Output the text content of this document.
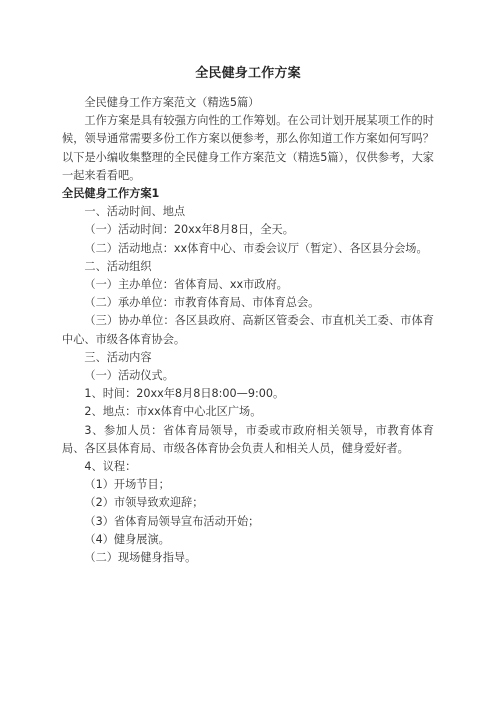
全民健身工作方案

全民健身工作方案范文（精选5篇）

工作方案是具有较强方向性的工作筹划。在公司计划开展某项工作的时候，领导通常需要多份工作方案以便参考，那么你知道工作方案如何写吗？以下是小编收集整理的全民健身工作方案范文（精选5篇），仅供参考，大家一起来看看吧。

全民健身工作方案1

一、活动时间、地点

（一）活动时间：20xx年8月8日，全天。

（二）活动地点：xx体育中心、市委会议厅（暂定）、各区县分会场。

二、活动组织

（一）主办单位：省体育局、xx市政府。

（二）承办单位：市教育体育局、市体育总会。

（三）协办单位：各区县政府、高新区管委会、市直机关工委、市体育中心、市级各体育协会。

三、活动内容

（一）活动仪式。

1、时间：20xx年8月8日8:00—9:00。

2、地点：市xx体育中心北区广场。

3、参加人员：省体育局领导，市委或市政府相关领导，市教育体育局、各区县体育局、市级各体育协会负责人和相关人员，健身爱好者。

4、议程：

（1）开场节目；

（2）市领导致欢迎辞；

（3）省体育局领导宣布活动开始；

（4）健身展演。

（二）现场健身指导。
